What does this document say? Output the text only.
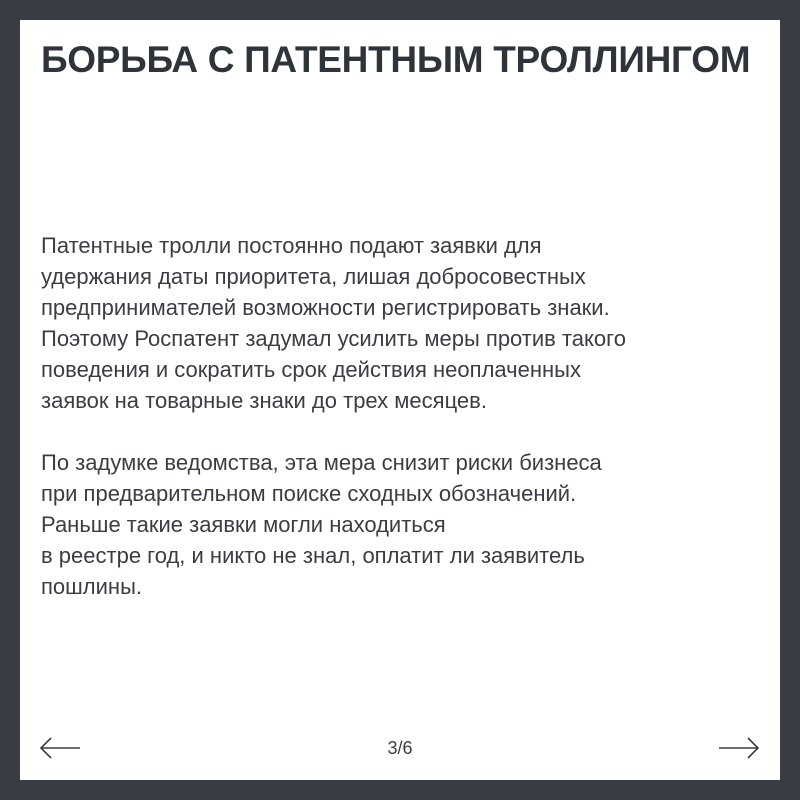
БОРЬБА С ПАТЕНТНЫМ ТРОЛЛИНГОМ

Патентные тролли постоянно подают заявки для
удержания даты приоритета, лишая добросовестных
предпринимателей возможности регистрировать знаки.
Поэтому Роспатент задумал усилить меры против такого
поведения и сократить срок действия неоплаченных
заявок на товарные знаки до трех месяцев.

По задумке ведомства, эта мера снизит риски бизнеса
при предварительном поиске сходных обозначений.
Раньше такие заявки могли находиться
в реестре год, и никто не знал, оплатит ли заявитель
пошлины.

3/6
